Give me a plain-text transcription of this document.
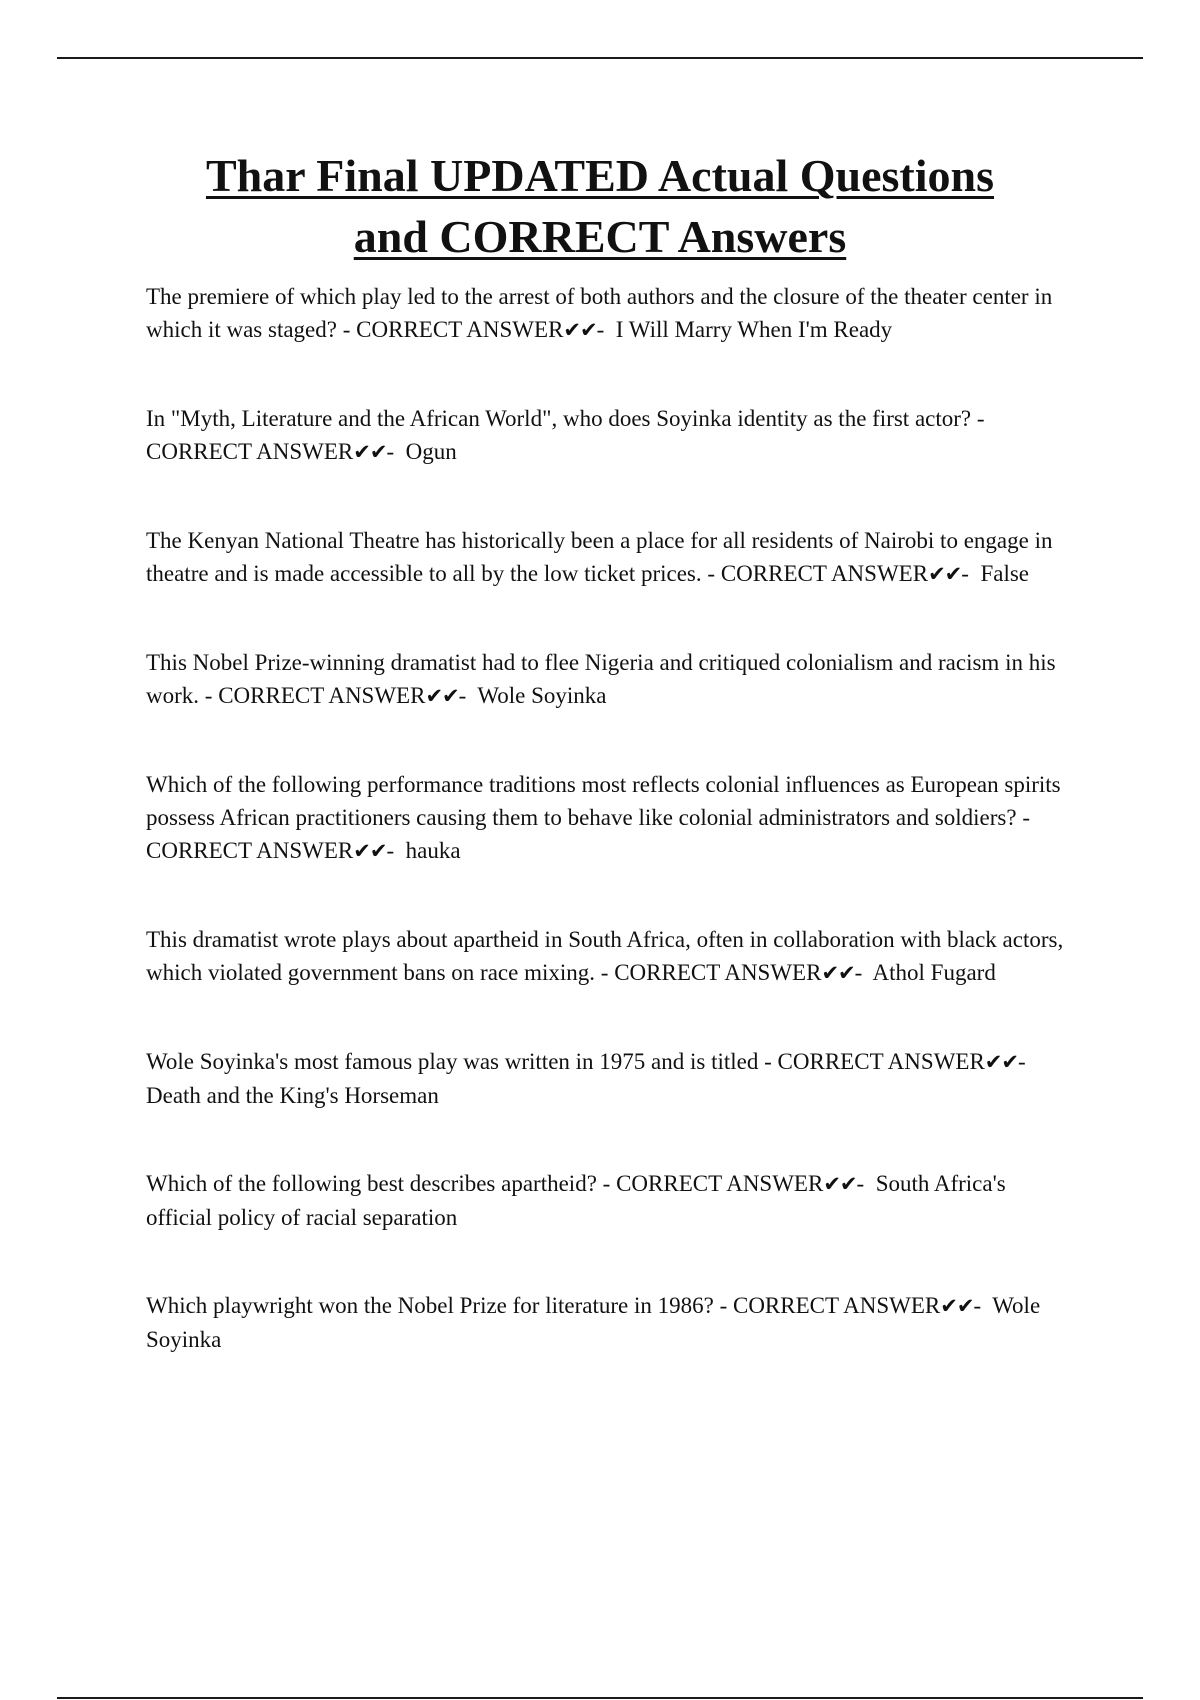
Thar Final UPDATED Actual Questions
and CORRECT Answers

The premiere of which play led to the arrest of both authors and the closure of the theater center in which it was staged? - CORRECT ANSWER✔✔-  I Will Marry When I'm Ready

In "Myth, Literature and the African World", who does Soyinka identity as the first actor? - CORRECT ANSWER✔✔-  Ogun

The Kenyan National Theatre has historically been a place for all residents of Nairobi to engage in theatre and is made accessible to all by the low ticket prices. - CORRECT ANSWER✔✔-  False

This Nobel Prize-winning dramatist had to flee Nigeria and critiqued colonialism and racism in his work. - CORRECT ANSWER✔✔-  Wole Soyinka

Which of the following performance traditions most reflects colonial influences as European spirits possess African practitioners causing them to behave like colonial administrators and soldiers? - CORRECT ANSWER✔✔-  hauka

This dramatist wrote plays about apartheid in South Africa, often in collaboration with black actors, which violated government bans on race mixing. - CORRECT ANSWER✔✔-  Athol Fugard

Wole Soyinka's most famous play was written in 1975 and is titled - CORRECT ANSWER✔✔-  Death and the King's Horseman

Which of the following best describes apartheid? - CORRECT ANSWER✔✔-  South Africa's official policy of racial separation

Which playwright won the Nobel Prize for literature in 1986? - CORRECT ANSWER✔✔-  Wole Soyinka
